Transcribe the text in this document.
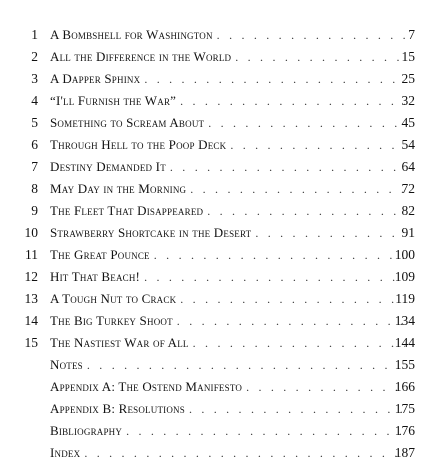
1 A Bombshell for Washington . . .	7
2 All the Difference in the World . . .	15
3 A Dapper Sphinx . . .	25
4 “I'll Furnish the War” . . .	32
5 Something to Scream About . . .	45
6 Through Hell to the Poop Deck . . .	54
7 Destiny Demanded It . . .	64
8 May Day in the Morning . . .	72
9 The Fleet That Disappeared . . .	82
10 Strawberry Shortcake in the Desert . . .	91
11 The Great Pounce . . .	100
12 Hit That Beach! . . .	109
13 A Tough Nut to Crack . . .	119
14 The Big Turkey Shoot . . .	134
15 The Nastiest War of All . . .	144
Notes . . .	155
Appendix A: The Ostend Manifesto . . .	166
Appendix B: Resolutions . . .	175
Bibliography . . .	176
Index . . .	187
